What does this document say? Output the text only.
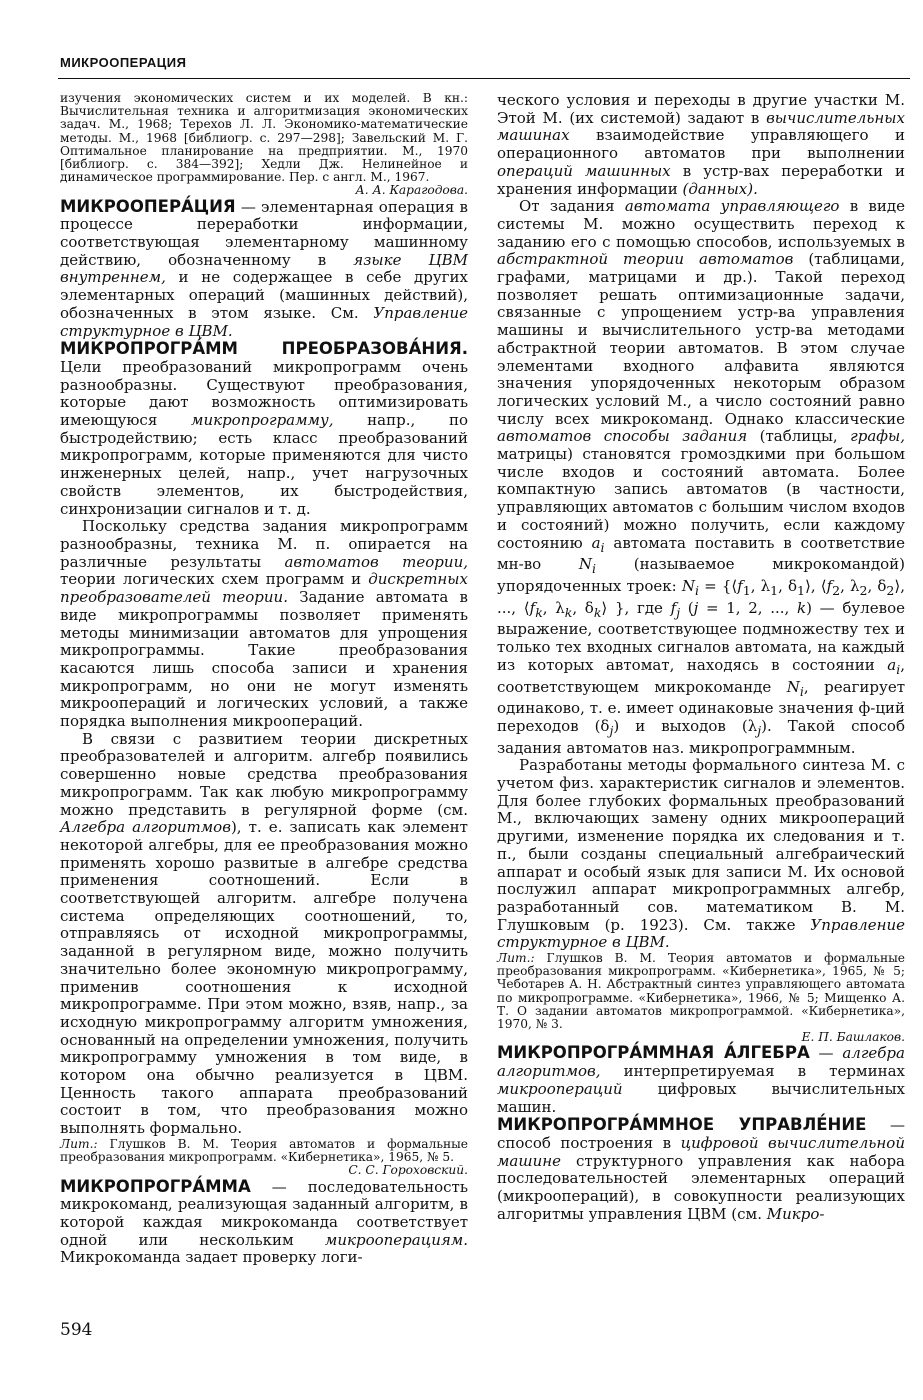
МИКРООПЕРАЦИЯ

изучения экономических систем и их моделей. В кн.: Вычислительная техника и алгоритмизация экономических задач. М., 1968; Терехов Л. Л. Экономико-математические методы. М., 1968 [библиогр. с. 297—298]; Завельский М. Г. Оптимальное планирование на предприятии. М., 1970 [библиогр. с. 384—392]; Хедли Дж. Нелинейное и динамическое программирование. Пер. с англ. М., 1967.

А. А. Карагодова.

МИКРООПЕРА́ЦИЯ — элементарная операция в процессе переработки информации, соответствующая элементарному машинному действию, обозначенному в языке ЦВМ внутреннем, и не содержащее в себе других элементарных операций (машинных действий), обозначенных в этом языке. См. Управление структурное в ЦВМ.

МИКРОПРОГРА́ММ ПРЕОБРАЗОВА́НИЯ. Цели преобразований микропрограмм очень разнообразны. Существуют преобразования, которые дают возможность оптимизировать имеющуюся микропрограмму, напр., по быстродействию; есть класс преобразований микропрограмм, которые применяются для чисто инженерных целей, напр., учет нагрузочных свойств элементов, их быстродействия, синхронизации сигналов и т. д.

Поскольку средства задания микропрограмм разнообразны, техника М. п. опирается на различные результаты автоматов теории, теории логических схем программ и дискретных преобразователей теории. Задание автомата в виде микропрограммы позволяет применять методы минимизации автоматов для упрощения микропрограммы. Такие преобразования касаются лишь способа записи и хранения микропрограмм, но они не могут изменять микроопераций и логических условий, а также порядка выполнения микроопераций.

В связи с развитием теории дискретных преобразователей и алгоритм. алгебр появились совершенно новые средства преобразования микропрограмм. Так как любую микропрограмму можно представить в регулярной форме (см. Алгебра алгоритмов), т. е. записать как элемент некоторой алгебры, для ее преобразования можно применять хорошо развитые в алгебре средства применения соотношений. Если в соответствующей алгоритм. алгебре получена система определяющих соотношений, то, отправляясь от исходной микропрограммы, заданной в регулярном виде, можно получить значительно более экономную микропрограмму, применив соотношения к исходной микропрограмме. При этом можно, взяв, напр., за исходную микропрограмму алгоритм умножения, основанный на определении умножения, получить микропрограмму умножения в том виде, в котором она обычно реализуется в ЦВМ. Ценность такого аппарата преобразований состоит в том, что преобразования можно выполнять формально.

Лит.: Глушков В. М. Теория автоматов и формальные преобразования микропрограмм. «Кибернетика», 1965, № 5.

С. С. Гороховский.

МИКРОПРОГРА́ММА — последовательность микрокоманд, реализующая заданный алгоритм, в которой каждая микрокоманда соответствует одной или нескольким микрооперациям. Микрокоманда задает проверку логи-

ческого условия и переходы в другие участки М. Этой М. (их системой) задают в вычислительных машинах взаимодействие управляющего и операционного автоматов при выполнении операций машинных в устр-вах переработки и хранения информации (данных).

От задания автомата управляющего в виде системы М. можно осуществить переход к заданию его с помощью способов, используемых в абстрактной теории автоматов (таблицами, графами, матрицами и др.). Такой переход позволяет решать оптимизационные задачи, связанные с упрощением устр-ва управления машины и вычислительного устр-ва методами абстрактной теории автоматов. В этом случае элементами входного алфавита являются значения упорядоченных некоторым образом логических условий М., а число состояний равно числу всех микрокоманд. Однако классические автоматов способы задания (таблицы, графы, матрицы) становятся громоздкими при большом числе входов и состояний автомата. Более компактную запись автоматов (в частности, управляющих автоматов с большим числом входов и состояний) можно получить, если каждому состоянию $a_i$ автомата поставить в соответствие мн-во $N_i$ (называемое микрокомандой) упорядоченных троек: $N_i$ = {$⟨f_1$, $\lambda_1$, $\delta_1⟩$, $⟨f_2$, $\lambda_2$, $\delta_2⟩$, ..., $⟨f_k$, $\lambda_k$, $\delta_k⟩$ }, где $f_j$ (j = 1, 2, ..., k) — булевое выражение, соответствующее подмножеству тех и только тех входных сигналов автомата, на каждый из которых автомат, находясь в состоянии $a_i$, соответствующем микрокоманде $N_i$, реагирует одинаково, т. е. имеет одинаковые значения ф-ций переходов $(\delta_j)$ и выходов $(\lambda_j)$. Такой способ задания автоматов наз. микропрограммным.

Разработаны методы формального синтеза М. с учетом физ. характеристик сигналов и элементов. Для более глубоких формальных преобразований М., включающих замену одних микроопераций другими, изменение порядка их следования и т. п., были созданы специальный алгебраический аппарат и особый язык для записи М. Их основой послужил аппарат микропрограммных алгебр, разработанный сов. математиком В. М. Глушковым (р. 1923). См. также Управление структурное в ЦВМ.

Лит.: Глушков В. М. Теория автоматов и формальные преобразования микропрограмм. «Кибернетика», 1965, № 5; Чеботарев А. Н. Абстрактный синтез управляющего автомата по микропрограмме. «Кибернетика», 1966, № 5; Мищенко А. Т. О задании автоматов микропрограммой. «Кибернетика», 1970, № 3.

Е. П. Башлаков.

МИКРОПРОГРА́ММНАЯ А́ЛГЕБРА — алгебра алгоритмов, интерпретируемая в терминах микроопераций цифровых вычислительных машин.

МИКРОПРОГРА́ММНОЕ УПРАВЛЕ́НИЕ — способ построения в цифровой вычислительной машине структурного управления как набора последовательностей элементарных операций (микроопераций), в совокупности реализующих алгоритмы управления ЦВМ (см. Микро-

594
